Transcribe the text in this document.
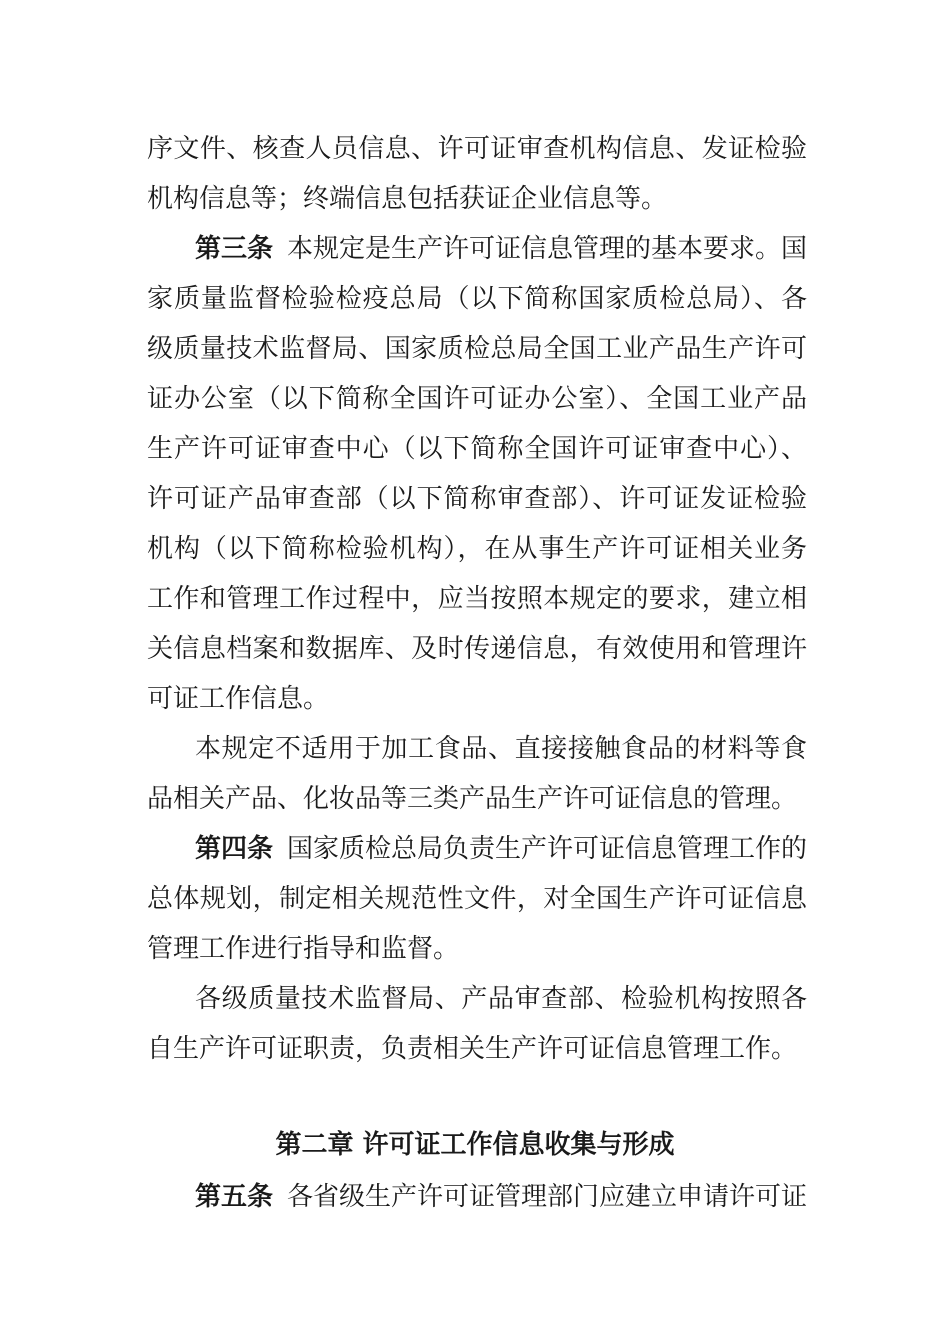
序文件、核查人员信息、许可证审查机构信息、发证检验
机构信息等；终端信息包括获证企业信息等。
第三条 本规定是生产许可证信息管理的基本要求。国
家质量监督检验检疫总局（以下简称国家质检总局）、各
级质量技术监督局、国家质检总局全国工业产品生产许可
证办公室（以下简称全国许可证办公室）、全国工业产品
生产许可证审查中心（以下简称全国许可证审查中心）、
许可证产品审查部（以下简称审查部）、许可证发证检验
机构（以下简称检验机构），在从事生产许可证相关业务
工作和管理工作过程中，应当按照本规定的要求，建立相
关信息档案和数据库、及时传递信息，有效使用和管理许
可证工作信息。
本规定不适用于加工食品、直接接触食品的材料等食
品相关产品、化妆品等三类产品生产许可证信息的管理。
第四条 国家质检总局负责生产许可证信息管理工作的
总体规划，制定相关规范性文件，对全国生产许可证信息
管理工作进行指导和监督。
各级质量技术监督局、产品审查部、检验机构按照各
自生产许可证职责，负责相关生产许可证信息管理工作。
第二章 许可证工作信息收集与形成
第五条 各省级生产许可证管理部门应建立申请许可证
